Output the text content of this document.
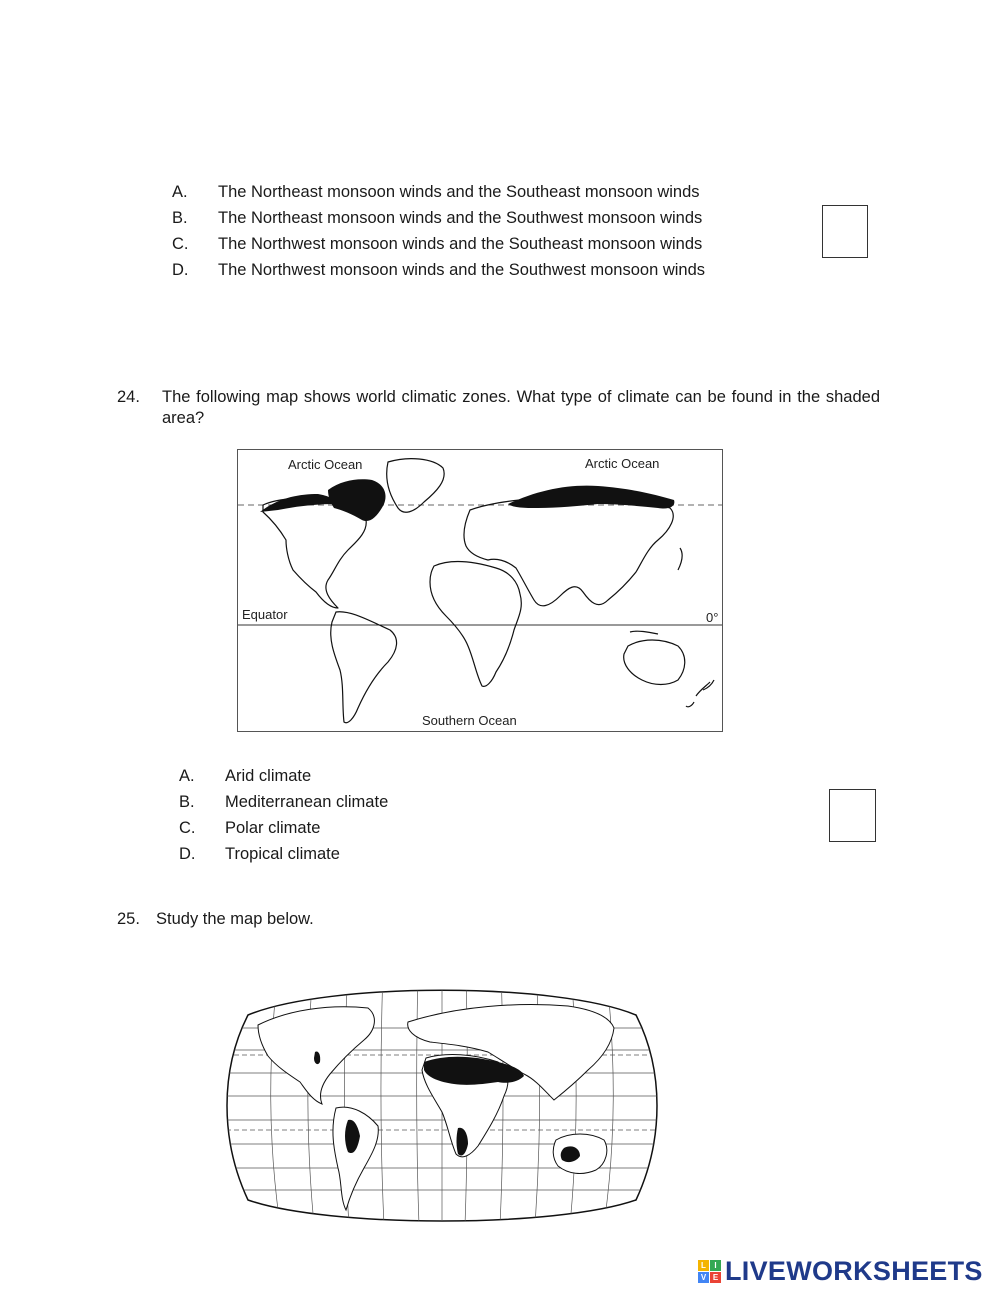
A. The Northeast monsoon winds and the Southeast monsoon winds
B. The Northeast monsoon winds and the Southwest monsoon winds
C. The Northwest monsoon winds and the Southeast monsoon winds
D. The Northwest monsoon winds and the Southwest monsoon winds
24. The following map shows world climatic zones. What type of climate can be found in the shaded area?
Arctic Ocean	Arctic Ocean
Equator	0°
Southern Ocean
A. Arid climate
B. Mediterranean climate
C. Polar climate
D. Tropical climate
25. Study the map below.
L	I
V E LIVEWORKSHEETS
